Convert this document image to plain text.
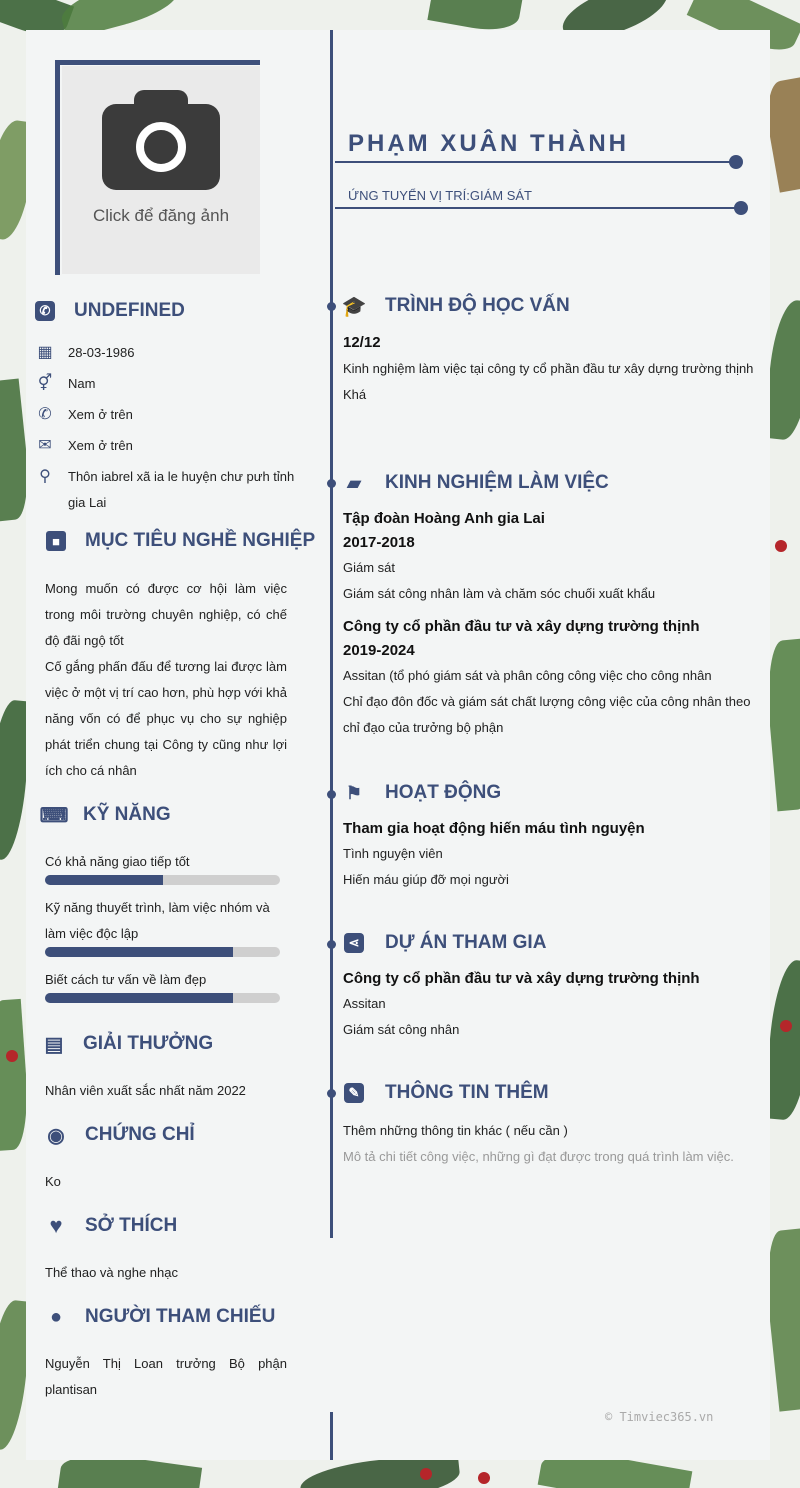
Click để đăng ảnh
✆ UNDEFINED
▦ 28-03-1986
⚥ Nam
✆	Xem ở trên
✉	Xem ở trên
⚲	Thôn iabrel xã ia le huyện chư pưh tỉnh gia Lai
■	MỤC TIÊU NGHỀ NGHIỆP
Mong muốn có được cơ hội làm việc trong môi trường chuyên nghiệp, có chế độ đãi ngộ tốt
Cố gắng phấn đấu để tương lai được làm việc ở một vị trí cao hơn, phù hợp với khả năng vốn có để phục vụ cho sự nghiệp phát triển chung tại Công ty cũng như lợi ích cho cá nhân
⌨ KỸ NĂNG
Có khả năng giao tiếp tốt
Kỹ năng thuyết trình, làm việc nhóm và làm việc độc lập
Biết cách tư vấn về làm đẹp
▤ GIẢI THƯỞNG
Nhân viên xuất sắc nhất năm 2022
◉ CHỨNG CHỈ
Ko
♥ SỞ THÍCH
Thể thao và nghe nhạc
● NGƯỜI THAM CHIẾU
Nguyễn Thị Loan trưởng Bộ phận plantisan
PHẠM XUÂN THÀNH
ỨNG TUYỂN VỊ TRÍ:GIÁM SÁT
🎓 TRÌNH ĐỘ HỌC VẤN
12/12
Kinh nghiệm làm việc tại công ty cổ phần đầu tư xây dựng trường thịnh
Khá
▰ KINH NGHIỆM LÀM VIỆC
Tập đoàn Hoàng Anh gia Lai
2017-2018
Giám sát
Giám sát công nhân làm và chăm sóc chuối xuất khẩu
Công ty cổ phần đầu tư và xây dựng trường thịnh
2019-2024
Assitan (tổ phó giám sát và phân công công việc cho công nhân
Chỉ đạo đôn đốc và giám sát chất lượng công việc của công nhân theo chỉ đạo của trưởng bộ phận
⚑ HOẠT ĐỘNG
Tham gia hoạt động hiến máu tình nguyện
Tình nguyện viên
Hiến máu giúp đỡ mọi người
⋖ DỰ ÁN THAM GIA
Công ty cổ phần đầu tư và xây dựng trường thịnh
Assitan
Giám sát công nhân
✎ THÔNG TIN THÊM
Thêm những thông tin khác ( nếu cần )
Mô tả chi tiết công việc, những gì đạt được trong quá trình làm việc.
© Timviec365.vn
